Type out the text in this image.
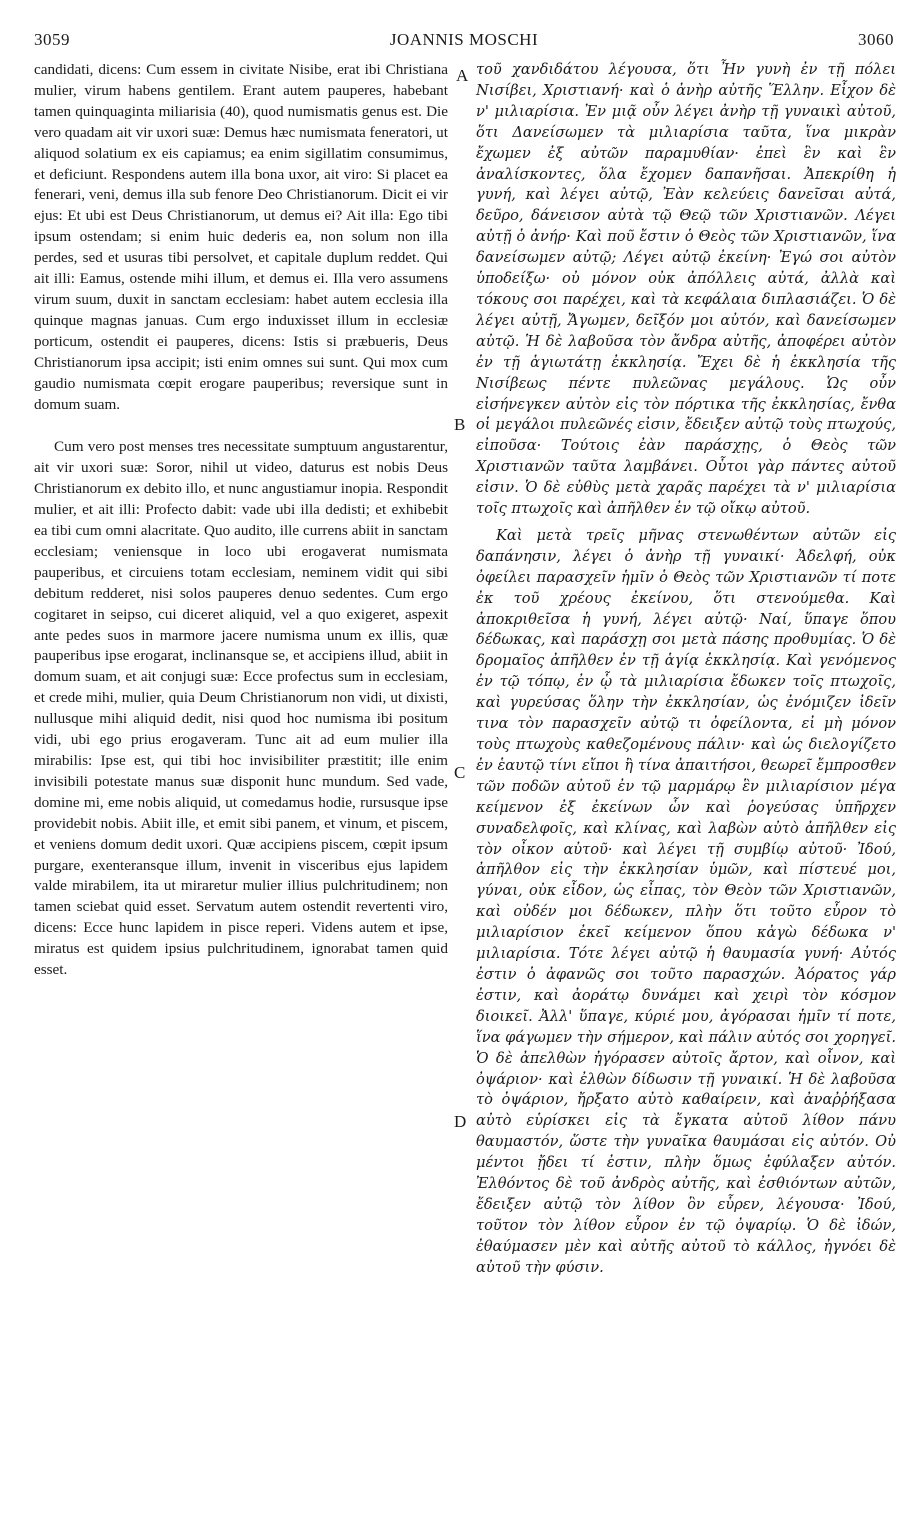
3059	JOANNIS MOSCHI	3060

candidati, dicens: Cum essem in civitate Nisibe, erat ibi Christiana mulier, virum habens gentilem. Erant autem pauperes, habebant tamen quinquaginta miliarisia (40), quod numismatis genus est. Die vero quadam ait vir uxori suæ: Demus hæc numismata feneratori, ut aliquod solatium ex eis capiamus; ea enim sigillatim consumimus, et deficiunt. Respondens autem illa bona uxor, ait viro: Si placet ea fenerari, veni, demus illa sub fenore Deo Christianorum. Dicit ei vir ejus: Et ubi est Deus Christianorum, ut demus ei? Ait illa: Ego tibi ipsum ostendam; si enim huic dederis ea, non solum non illa perdes, sed et usuras tibi persolvet, et capitale duplum reddet. Qui ait illi: Eamus, ostende mihi illum, et demus ei. Illa vero assumens virum suum, duxit in sanctam ecclesiam: habet autem ecclesia illa quinque magnas januas. Cum ergo induxisset illum in ecclesiæ porticum, ostendit ei pauperes, dicens: Istis si præbueris, Deus Christianorum ipsa accipit; isti enim omnes sui sunt. Qui mox cum gaudio numismata cœpit erogare pauperibus; reversique sunt in domum suam.

Cum vero post menses tres necessitate sumptuum angustarentur, ait vir uxori suæ: Soror, nihil ut video, daturus est nobis Deus Christianorum ex debito illo, et nunc angustiamur inopia. Respondit mulier, et ait illi: Profecto dabit: vade ubi illa dedisti; et exhibebit ea tibi cum omni alacritate. Quo audito, ille currens abiit in sanctam ecclesiam; veniensque in loco ubi erogaverat numismata pauperibus, et circuiens totam ecclesiam, neminem vidit qui sibi debitum redderet, nisi solos pauperes denuo sedentes. Cum ergo cogitaret in seipso, cui diceret aliquid, vel a quo exigeret, aspexit ante pedes suos in marmore jacere numisma unum ex illis, quæ pauperibus ipse erogarat, inclinansque se, et accipiens illud, abiit in domum suam, et ait conjugi suæ: Ecce profectus sum in ecclesiam, et crede mihi, mulier, quia Deum Christianorum non vidi, ut dixisti, nullusque mihi aliquid dedit, nisi quod hoc numisma ibi positum vidi, ubi ego prius erogaveram. Tunc ait ad eum mulier illa mirabilis: Ipse est, qui tibi hoc invisibiliter præstitit; ille enim invisibili potestate manus suæ disponit hunc mundum. Sed vade, domine mi, eme nobis aliquid, ut comedamus hodie, rursusque ipse providebit nobis. Abiit ille, et emit sibi panem, et vinum, et piscem, et veniens domum dedit uxori. Quæ accipiens piscem, cœpit ipsum purgare, exenteransque illum, invenit in visceribus ejus lapidem valde mirabilem, ita ut miraretur mulier illius pulchritudinem; non tamen sciebat quid esset. Servatum autem ostendit revertenti viro, dicens: Ecce hunc lapidem in pisce reperi. Videns autem et ipse, miratus est quidem ipsius pulchritudinem, ignorabat tamen quid esset.

A
B
C
D

τοῦ χανδιδάτου λέγουσα, ὅτι Ἦν γυνὴ ἐν τῇ πόλει Νισίβει, Χριστιανή· καὶ ὁ ἀνὴρ αὐτῆς Ἕλλην. Εἶχον δὲ ν' μιλιαρίσια. Ἐν μιᾷ οὖν λέγει ἀνὴρ τῇ γυναικὶ αὐτοῦ, ὅτι Δανείσωμεν τὰ μιλιαρίσια ταῦτα, ἵνα μικρὰν ἔχωμεν ἐξ αὐτῶν παραμυθίαν· ἐπεὶ ἓν καὶ ἓν ἀναλίσκοντες, ὅλα ἔχομεν δαπανῆσαι. Ἀπεκρίθη ἡ γυνή, καὶ λέγει αὐτῷ, Ἐὰν κελεύεις δανεῖσαι αὐτά, δεῦρο, δάνεισον αὐτὰ τῷ Θεῷ τῶν Χριστιανῶν. Λέγει αὐτῇ ὁ ἀνήρ· Καὶ ποῦ ἔστιν ὁ Θεὸς τῶν Χριστιανῶν, ἵνα δανείσωμεν αὐτῷ; Λέγει αὐτῷ ἐκείνη· Ἐγώ σοι αὐτὸν ὑποδείξω· οὐ μόνον οὐκ ἀπόλλεις αὐτά, ἀλλὰ καὶ τόκους σοι παρέχει, καὶ τὰ κεφάλαια διπλασιάζει. Ὁ δὲ λέγει αὐτῇ, Ἄγωμεν, δεῖξόν μοι αὐτόν, καὶ δανείσωμεν αὐτῷ. Ἡ δὲ λαβοῦσα τὸν ἄνδρα αὐτῆς, ἀποφέρει αὐτὸν ἐν τῇ ἁγιωτάτῃ ἐκκλησίᾳ. Ἔχει δὲ ἡ ἐκκλησία τῆς Νισίβεως πέντε πυλεῶνας μεγάλους. Ὡς οὖν εἰσήνεγκεν αὐτὸν εἰς τὸν πόρτικα τῆς ἐκκλησίας, ἔνθα οἱ μεγάλοι πυλεῶνές εἰσιν, ἔδειξεν αὐτῷ τοὺς πτωχούς, εἰποῦσα· Τούτοις ἐὰν παράσχῃς, ὁ Θεὸς τῶν Χριστιανῶν ταῦτα λαμβάνει. Οὗτοι γὰρ πάντες αὐτοῦ εἰσιν. Ὁ δὲ εὐθὺς μετὰ χαρᾶς παρέχει τὰ ν' μιλιαρίσια τοῖς πτωχοῖς καὶ ἀπῆλθεν ἐν τῷ οἴκῳ αὐτοῦ.

Καὶ μετὰ τρεῖς μῆνας στενωθέντων αὐτῶν εἰς δαπάνησιν, λέγει ὁ ἀνὴρ τῇ γυναικί· Ἀδελφή, οὐκ ὀφείλει παρασχεῖν ἡμῖν ὁ Θεὸς τῶν Χριστιανῶν τί ποτε ἐκ τοῦ χρέους ἐκείνου, ὅτι στενούμεθα. Καὶ ἀποκριθεῖσα ἡ γυνή, λέγει αὐτῷ· Ναί, ὕπαγε ὅπου δέδωκας, καὶ παράσχῃ σοι μετὰ πάσης προθυμίας. Ὁ δὲ δρομαῖος ἀπῆλθεν ἐν τῇ ἁγίᾳ ἐκκλησίᾳ. Καὶ γενόμενος ἐν τῷ τόπῳ, ἐν ᾧ τὰ μιλιαρίσια ἔδωκεν τοῖς πτωχοῖς, καὶ γυρεύσας ὅλην τὴν ἐκκλησίαν, ὡς ἐνόμιζεν ἰδεῖν τινα τὸν παρασχεῖν αὐτῷ τι ὀφείλοντα, εἰ μὴ μόνον τοὺς πτωχοὺς καθεζομένους πάλιν· καὶ ὡς διελογίζετο ἐν ἑαυτῷ τίνι εἴποι ἢ τίνα ἀπαιτήσοι, θεωρεῖ ἔμπροσθεν τῶν ποδῶν αὐτοῦ ἐν τῷ μαρμάρῳ ἓν μιλιαρίσιον μέγα κείμενον ἐξ ἐκείνων ὧν καὶ ῥογεύσας ὑπῆρχεν συναδελφοῖς, καὶ κλίνας, καὶ λαβὼν αὐτὸ ἀπῆλθεν εἰς τὸν οἶκον αὐτοῦ· καὶ λέγει τῇ συμβίῳ αὐτοῦ· Ἰδού, ἀπῆλθον εἰς τὴν ἐκκλησίαν ὑμῶν, καὶ πίστευέ μοι, γύναι, οὐκ εἶδον, ὡς εἶπας, τὸν Θεὸν τῶν Χριστιανῶν, καὶ οὐδέν μοι δέδωκεν, πλὴν ὅτι τοῦτο εὗρον τὸ μιλιαρίσιον ἐκεῖ κείμενον ὅπου κἀγὼ δέδωκα ν' μιλιαρίσια. Τότε λέγει αὐτῷ ἡ θαυμασία γυνή· Αὐτός ἐστιν ὁ ἀφανῶς σοι τοῦτο παρασχών. Ἀόρατος γάρ ἐστιν, καὶ ἀοράτῳ δυνάμει καὶ χειρὶ τὸν κόσμον διοικεῖ. Ἀλλ' ὕπαγε, κύριέ μου, ἀγόρασαι ἡμῖν τί ποτε, ἵνα φάγωμεν τὴν σήμερον, καὶ πάλιν αὐτός σοι χορηγεῖ. Ὁ δὲ ἀπελθὼν ἠγόρασεν αὐτοῖς ἄρτον, καὶ οἶνον, καὶ ὀψάριον· καὶ ἐλθὼν δίδωσιν τῇ γυναικί. Ἡ δὲ λαβοῦσα τὸ ὀψάριον, ἤρξατο αὐτὸ καθαίρειν, καὶ ἀναῤῥήξασα αὐτὸ εὑρίσκει εἰς τὰ ἔγκατα αὐτοῦ λίθον πάνυ θαυμαστόν, ὥστε τὴν γυναῖκα θαυμάσαι εἰς αὐτόν. Οὐ μέντοι ᾔδει τί ἐστιν, πλὴν ὅμως ἐφύλαξεν αὐτόν. Ἐλθόντος δὲ τοῦ ἀνδρὸς αὐτῆς, καὶ ἐσθιόντων αὐτῶν, ἔδειξεν αὐτῷ τὸν λίθον ὃν εὗρεν, λέγουσα· Ἰδού, τοῦτον τὸν λίθον εὗρον ἐν τῷ ὀψαρίῳ. Ὁ δὲ ἰδών, ἐθαύμασεν μὲν καὶ αὐτῆς αὐτοῦ τὸ κάλλος, ἠγνόει δὲ αὐτοῦ τὴν φύσιν.
